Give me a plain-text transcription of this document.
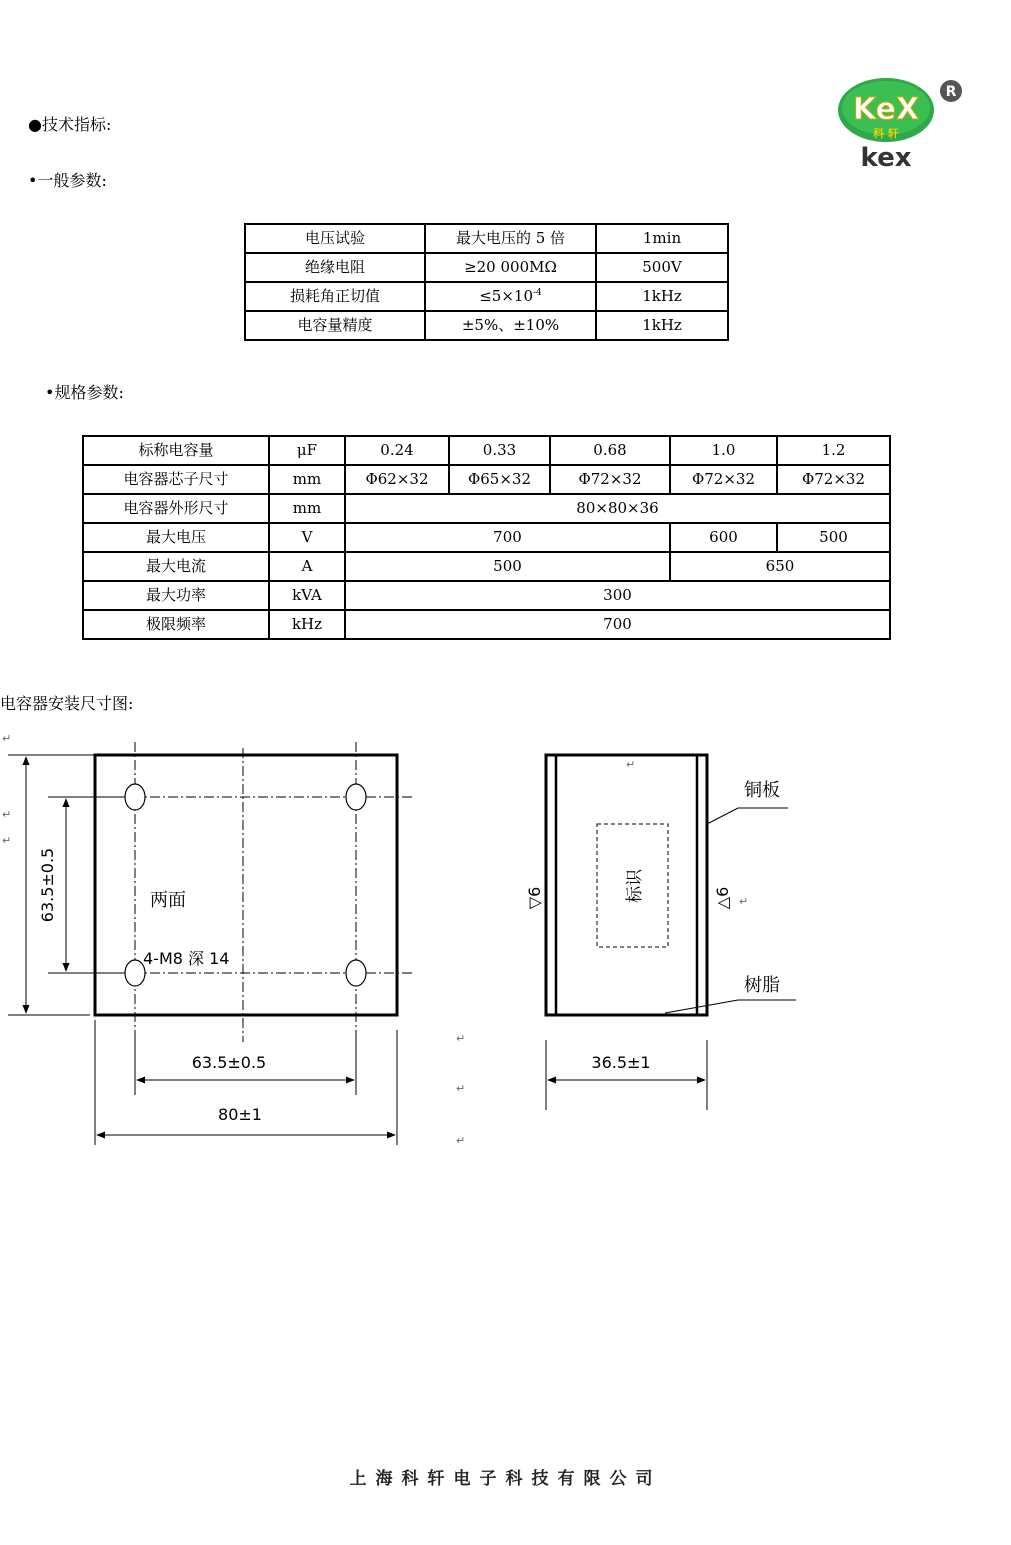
KeX
科 轩
kex
R
●技术指标:
•一般参数:
•规格参数:
电容器安装尺寸图:
电压试验	最大电压的 5 倍	1min
绝缘电阻	≥20 000MΩ	500V
损耗角正切值	$\le 5\times 10^{-4}$	1kHz
电容量精度	±5%、±10%	1kHz
标称电容量	μF	0.24	0.33	0.68	1.0	1.2
电容器芯子尺寸	mm	Φ62×32	Φ65×32	Φ72×32	Φ72×32	Φ72×32
电容器外形尺寸	mm	80×80×36				
最大电压	V	700			600	500
最大电流	A	500			650	
最大功率	kVA	300				
极限频率	kHz	700				
两面
4-M8 深 14
63.5±0.5
63.5±0.5
80±1
↵
↵
↵
↵
↵
↵
↵
↵
标识
▽6	△6
铜板
树脂
36.5±1
上海科轩电子科技有限公司
